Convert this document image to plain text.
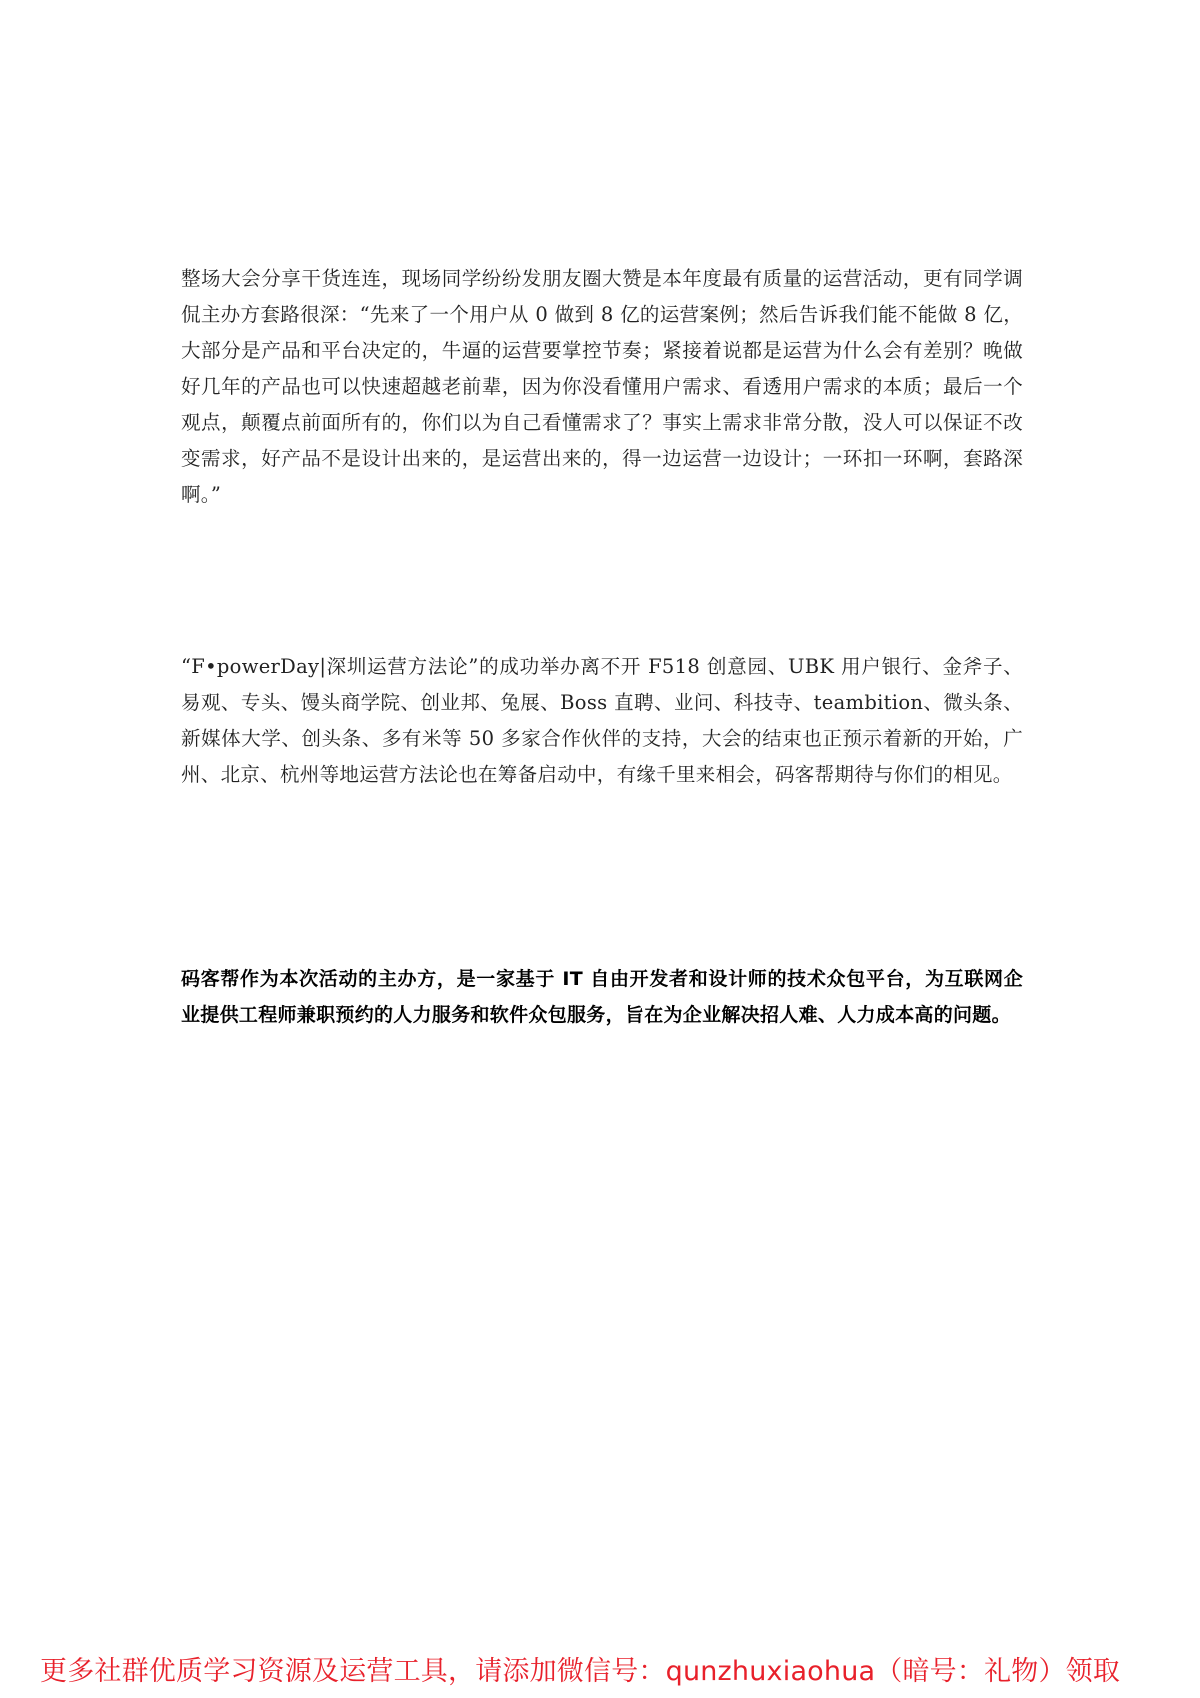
整场大会分享干货连连，现场同学纷纷发朋友圈大赞是本年度最有质量的运营活动，更有同学调侃主办方套路很深：“先来了一个用户从 0 做到 8 亿的运营案例；然后告诉我们能不能做 8 亿，大部分是产品和平台决定的，牛逼的运营要掌控节奏；紧接着说都是运营为什么会有差别？晚做好几年的产品也可以快速超越老前辈，因为你没看懂用户需求、看透用户需求的本质；最后一个观点，颠覆点前面所有的，你们以为自己看懂需求了？事实上需求非常分散，没人可以保证不改变需求，好产品不是设计出来的，是运营出来的，得一边运营一边设计；一环扣一环啊，套路深啊。”

“F•powerDay|深圳运营方法论”的成功举办离不开 F518 创意园、UBK 用户银行、金斧子、易观、专头、馒头商学院、创业邦、兔展、Boss 直聘、业问、科技寺、teambition、微头条、新媒体大学、创头条、多有米等 50 多家合作伙伴的支持，大会的结束也正预示着新的开始，广州、北京、杭州等地运营方法论也在筹备启动中，有缘千里来相会，码客帮期待与你们的相见。

码客帮作为本次活动的主办方，是一家基于 IT 自由开发者和设计师的技术众包平台，为互联网企业提供工程师兼职预约的人力服务和软件众包服务，旨在为企业解决招人难、人力成本高的问题。

更多社群优质学习资源及运营工具，请添加微信号：qunzhuxiaohua（暗号：礼物）领取
